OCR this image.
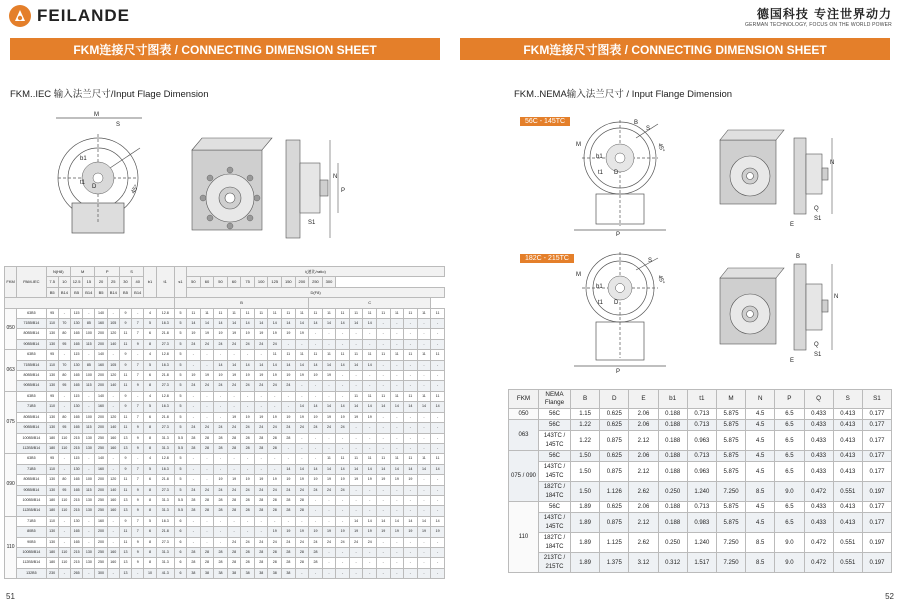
FEILANDE
FKM连接尺寸图表 / CONNECTING DIMENSION SHEET
FKM..IEC 输入法兰尺寸/Input Flage Dimension
M
S
b1
t1
D	45°
N
P
S1
FKM	PAM-IEC	N(H8)		M		P		S		b1	t1	s1	i(速比/ratio)																		
		7.5	10	12.5	15	20	25	30	40				50	60	50	60	75	100	125	150	200	250	300								
		B5	B14	B5	B14	B5	B14	B5	B14				D(F8)																		
												B										C									
050	63B5	95	-	115	-	140	-	9	-	4	12.8	5	11	11	11	11	11	11	11	11	11	11	11	11	11	11	11	11	11	11	11
	71B5/B14	110	70	130	85	160	105	9	7	5	16.3	5	14	14	14	14	14	14	14	14	14	14	14	14	14	14	-	-	-	-	-
	80B5/B14	130	80	165	100	200	120	11	7	6	21.8	5	19	19	19	19	19	19	19	19	19	-	-	-	-	-	-	-	-	-	-
	90B5/B14	130	95	165	115	200	140	11	9	8	27.3	5	24	24	24	24	24	24	24	-	-	-	-	-	-	-	-	-	-	-	-
063	63B5	95	-	115	-	140	-	9	-	4	12.8	5	-	-	-	-	-	-	11	11	11	11	11	11	11	11	11	11	11	11	11
	71B5/B14	110	70	130	85	160	105	9	7	5	16.3	5	-	-	14	14	14	14	14	14	14	14	14	14	14	14	-	-	-	-	-
	80B5/B14	130	80	165	100	200	120	11	7	6	21.8	5	19	19	19	19	19	19	19	19	19	19	19	-	-	-	-	-	-	-	-
	90B5/B14	130	95	165	115	200	140	11	9	8	27.3	5	24	24	24	24	24	24	24	24	-	-	-	-	-	-	-	-	-	-	-
075	63B5	95	-	115	-	140	-	9	-	4	12.8	5	-	-	-	-	-	-	-	-	-	-	-	-	11	11	11	11	11	11	11
	71B5	110	-	130	-	160	-	9	7	5	16.3	5	-	-	-	-	-	-	-	-	14	14	14	14	14	14	14	14	14	14	14
	80B5/B14	130	80	165	100	200	120	11	7	6	21.8	5	-	-	-	19	19	19	19	19	19	19	19	19	19	19	-	-	-	-	-
	90B5/B14	130	95	165	115	200	140	11	9	8	27.3	5	24	24	24	24	24	24	24	24	24	24	24	24	-	-	-	-	-	-	-
	100B5/B14	180	110	215	130	250	160	13	9	8	31.3	5.5	28	28	28	28	28	28	28	28	-	-	-	-	-	-	-	-	-	-	-
	112B5/B14	180	110	215	130	250	160	13	9	8	31.3	5.5	28	28	28	28	28	28	28	-	-	-	-	-	-	-	-	-	-	-	-
090	63B5	95	-	115	-	140	-	9	-	4	12.8	5	-	-	-	-	-	-	-	-	-	-	11	11	11	11	11	11	11	11	11
	71B5	110	-	130	-	160	-	9	7	5	16.3	5	-	-	-	-	-	-	-	14	14	14	14	14	14	14	14	14	14	14	14
	80B5/B14	130	80	165	100	200	120	11	7	6	21.8	5	-	-	19	19	19	19	19	19	19	19	19	19	19	19	19	19	19	-	-
	90B5/B14	130	95	165	115	200	140	11	9	8	27.3	5	24	24	24	24	24	24	24	24	24	24	24	24	-	-	-	-	-	-	-
	100B5/B14	180	110	215	130	250	160	13	9	8	31.3	5.5	28	28	28	28	28	28	28	28	28	-	-	-	-	-	-	-	-	-	-
	112B5/B14	180	110	215	130	250	160	13	9	8	31.3	5.5	28	28	28	28	28	28	28	28	28	-	-	-	-	-	-	-	-	-	-
110	71B5	110	-	130	-	160	-	9	7	5	16.3	6	-	-	-	-	-	-	-	-	-	-	-	-	14	14	14	14	14	14	14
	80B5	130	-	165	-	200	-	11	7	6	21.8	6	-	-	-	-	-	-	19	19	19	19	19	19	19	19	19	19	19	19	19
	90B5	130	-	165	-	200	-	11	9	8	27.3	6	-	-	-	24	24	24	24	24	24	24	24	24	24	24	-	-	-	-	-
	100B5/B14	180	110	215	130	250	160	13	9	8	31.3	6	28	28	28	28	28	28	28	28	28	28	-	-	-	-	-	-	-	-	-
	112B5/B14	180	110	215	130	250	160	13	9	8	31.3	6	28	28	28	28	28	28	28	28	28	28	-	-	-	-	-	-	-	-	-
	132B5	230	-	265	-	300	-	13	-	10	41.3	6	38	38	38	38	38	38	38	38	-	-	-	-	-	-	-	-	-	-	-
51
德国科技 专注世界动力
GERMAN TECHNOLOGY, FOCUS ON THE WORLD POWER
FKM连接尺寸图表 / CONNECTING DIMENSION SHEET
FKM..NEMA输入法兰尺寸 / Input Flange Dimension
56C - 145TC
182C - 215TC
B
S
M
b1
t1 D
45°
P
N
E
Q
S1
S
M
b1
t1 D
45°
P
B
N
E
Q
S1
FKM	NEMA Flange	B	D	E	b1	t1	M	N	P	Q	S	S1
050	56C	1.15	0.625	2.06	0.188	0.713	5.875	4.5	6.5	0.433	0.413	0.177
063	56C	1.22	0.625	2.06	0.188	0.713	5.875	4.5	6.5	0.433	0.413	0.177
	143TC / 145TC	1.22	0.875	2.12	0.188	0.963	5.875	4.5	6.5	0.433	0.413	0.177
075 / 090	56C	1.50	0.625	2.06	0.188	0.713	5.875	4.5	6.5	0.433	0.413	0.177
	143TC / 145TC	1.50	0.875	2.12	0.188	0.963	5.875	4.5	6.5	0.433	0.413	0.177
	182TC / 184TC	1.50	1.126	2.62	0.250	1.240	7.250	8.5	9.0	0.472	0.551	0.197
110	56C	1.89	0.625	2.06	0.188	0.713	5.875	4.5	6.5	0.433	0.413	0.177
	143TC / 145TC	1.89	0.875	2.12	0.188	0.983	5.875	4.5	6.5	0.433	0.413	0.177
	182TC / 184TC	1.89	1.125	2.62	0.250	1.240	7.250	8.5	9.0	0.472	0.551	0.197
	213TC / 215TC	1.89	1.375	3.12	0.312	1.517	7.250	8.5	9.0	0.472	0.551	0.197
52
